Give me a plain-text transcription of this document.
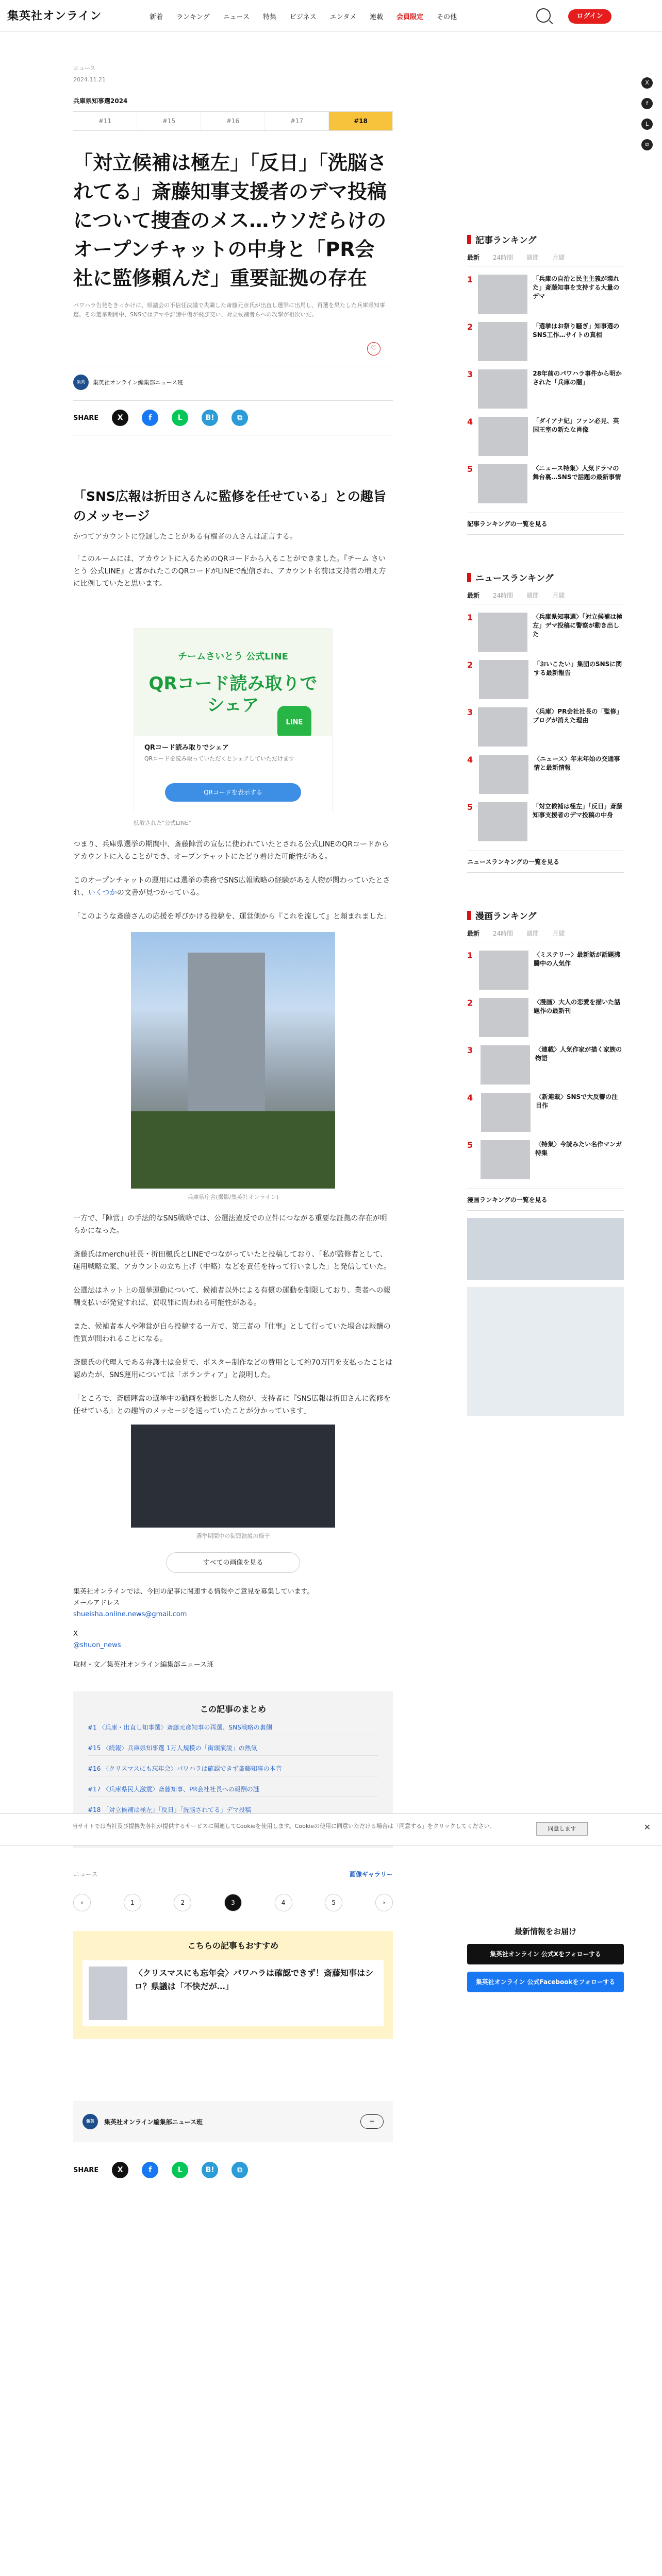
集英社オンライン	新着 ランキング ニュース 特集 ビジネス エンタメ 連載 会員限定 その他	ログイン
X
f
L
⧉
ニュース
2024.11.21
兵庫県知事選2024
#11	#15	#16	#17	#18
「対立候補は極左」「反日」「洗脳されてる」斎藤知事支援者のデマ投稿について捜査のメス…ウソだらけのオープンチャットの中身と「PR会社に監修頼んだ」重要証拠の存在
パワハラ告発をきっかけに、県議会の不信任決議で失職した斎藤元彦氏が出直し選挙に出馬し、再選を果たした兵庫県知事選。その選挙期間中、SNSではデマや誹謗中傷が飛び交い、対立候補者らへの攻撃が相次いだ。
♡
集英	集英社オンライン編集部ニュース班
SHARE	X	f	L	B!	⧉
「SNS広報は折田さんに監修を任せている」との趣旨のメッセージ
かつてアカウントに登録したことがある有権者のＡさんは証言する。

「このルームには、アカウントに入るためのQRコードから入ることができました。『チーム さいとう 公式LINE』と書かれたこのQRコードがLINEで配信され、アカウント名前は支持者の増え方に比例していたと思います。

チームさいとう 公式LINE
QRコード読み取りでシェア
LINE
QRコード読み取りでシェア
QRコードを読み取っていただくとシェアしていただけます
QRコードを表示する
拡散された"公式LINE"

つまり、兵庫県選挙の期間中、斎藤陣営の宣伝に使われていたとされる公式LINEのQRコードからアカウントに入ることができ、オープンチャットにたどり着けた可能性がある。

このオープンチャットの運用には選挙の業務でSNS広報戦略の経験がある人物が関わっていたとされ、いくつかの文書が見つかっている。

「このような斎藤さんの応援を呼びかける投稿を、運営側から『これを流して』と頼まれました」

兵庫県庁舎(撮影/集英社オンライン)

一方で、「陣営」の手法的なSNS戦略では、公選法違反での立件につながる重要な証拠の存在が明らかになった。

斎藤氏はmerchu社長・折田楓氏とLINEでつながっていたと投稿しており、「私が監修者として、運用戦略立案、アカウントの立ち上げ（中略）などを責任を持って行いました」と発信していた。

公選法はネット上の選挙運動について、候補者以外による有償の運動を制限しており、業者への報酬支払いが発覚すれば、買収罪に問われる可能性がある。

また、候補者本人や陣営が自ら投稿する一方で、第三者の『仕事』として行っていた場合は報酬の性質が問われることになる。

斎藤氏の代理人である弁護士は会見で、ポスター制作などの費用として約70万円を支払ったことは認めたが、SNS運用については「ボランティア」と説明した。

「ところで、斎藤陣営の選挙中の動画を撮影した人物が、支持者に『SNS広報は折田さんに監修を任せている』との趣旨のメッセージを送っていたことが分かっています」

選挙期間中の街頭演説の様子
すべての画像を見る
集英社オンラインでは、今回の記事に関連する情報やご意見を募集しています。
メールアドレス
shueisha.online.news@gmail.com
X
@shuon_news
取材・文／集英社オンライン編集部ニュース班
この記事のまとめ
#1 〈兵庫・出直し知事選〉斎藤元彦知事の再選、SNS戦略の裏側
#15 〈続報〉兵庫県知事選 1万人規模の「街頭演説」の熱気
#16 〈クリスマスにも忘年会〉パワハラは確認できず斎藤知事の本音
#17 〈兵庫県民大激震〉斎藤知事、PR会社社長への報酬の謎
#18 「対立候補は極左」「反日」「洗脳されてる」デマ投稿
ニュース	画像ギャラリー
‹	1	2	3	4	5	›
こちらの記事もおすすめ
〈クリスマスにも忘年会〉パワハラは確認できず！斎藤知事はシロ？県議は「不快だが…」
集英	集英社オンライン編集部ニュース班	＋
SHARE	X	f	L	B!	⧉
記事ランキング
最新 24時間 週間 月間
1	「兵庫の自治と民主主義が壊れた」斎藤知事を支持する大量のデマ
2	「選挙はお祭り騒ぎ」知事選のSNS工作…サイトの真相
3	28年前のパワハラ事件から明かされた「兵庫の闇」
4	「ダイアナ妃」ファン必見、英国王室の新たな肖像
5	〈ニュース特集〉人気ドラマの舞台裏…SNSで話題の最新事情
記事ランキングの一覧を見る
ニュースランキング
最新 24時間 週間 月間
1	〈兵庫県知事選〉「対立候補は極左」デマ投稿に警察が動き出した
2	「おいこたい」集団のSNSに関する最新報告
3	〈兵庫〉PR会社社長の「監修」ブログが消えた理由
4	〈ニュース〉年末年始の交通事情と最新情報
5	「対立候補は極左」「反日」斎藤知事支援者のデマ投稿の中身
ニュースランキングの一覧を見る
漫画ランキング
最新 24時間 週間 月間
1	〈ミステリー〉最新話が話題沸騰中の人気作
2	〈漫画〉大人の恋愛を描いた話題作の最新刊
3	〈連載〉人気作家が描く家族の物語
4	〈新連載〉SNSで大反響の注目作
5	〈特集〉今読みたい名作マンガ特集
漫画ランキングの一覧を見る
最新情報をお届け
集英社オンライン 公式Xをフォローする
集英社オンライン 公式Facebookをフォローする
当サイトでは当社及び提携先各社が提供するサービスに関連してCookieを使用します。Cookieの使用に同意いただける場合は「同意する」をクリックしてください。	同意します	✕
